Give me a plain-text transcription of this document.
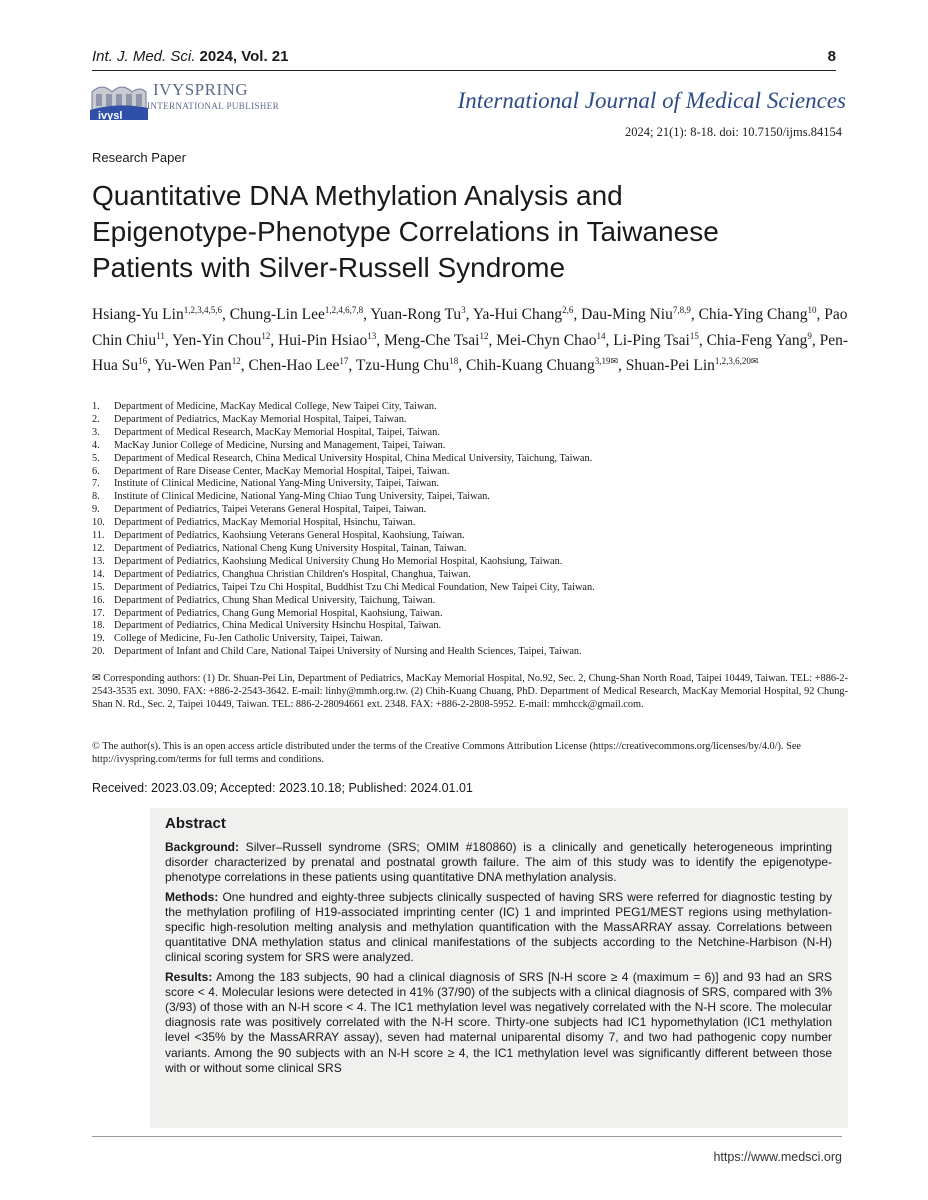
Int. J. Med. Sci. 2024, Vol. 21	8
ivysl
IVYSPRING
INTERNATIONAL PUBLISHER	International Journal of Medical Sciences
2024; 21(1): 8-18. doi: 10.7150/ijms.84154
Research Paper
Quantitative DNA Methylation Analysis and
Epigenotype-Phenotype Correlations in Taiwanese
Patients with Silver-Russell Syndrome
Hsiang-Yu Lin$^{1,2,3,4,5,6}$, Chung-Lin Lee$^{1,2,4,6,7,8}$, Yuan-Rong Tu$^3$, Ya-Hui Chang$^{2,6}$, Dau-Ming Niu$^{7,8,9}$, Chia-Ying Chang$^{10}$, Pao Chin Chiu$^{11}$, Yen-Yin Chou$^{12}$, Hui-Pin Hsiao$^{13}$, Meng-Che Tsai$^{12}$, Mei-Chyn Chao$^{14}$, Li-Ping Tsai$^{15}$, Chia-Feng Yang$^9$, Pen-Hua Su$^{16}$, Yu-Wen Pan$^{12}$, Chen-Hao Lee$^{17}$, Tzu-Hung Chu$^{18}$, Chih-Kuang Chuang$^{3,19✉}$, Shuan-Pei Lin$^{1,2,3,6,20✉}$
1.	Department of Medicine, MacKay Medical College, New Taipei City, Taiwan.
2.	Department of Pediatrics, MacKay Memorial Hospital, Taipei, Taiwan.
3.	Department of Medical Research, MacKay Memorial Hospital, Taipei, Taiwan.
4.	MacKay Junior College of Medicine, Nursing and Management, Taipei, Taiwan.
5.	Department of Medical Research, China Medical University Hospital, China Medical University, Taichung, Taiwan.
6.	Department of Rare Disease Center, MacKay Memorial Hospital, Taipei, Taiwan.
7.	Institute of Clinical Medicine, National Yang-Ming University, Taipei, Taiwan.
8.	Institute of Clinical Medicine, National Yang-Ming Chiao Tung University, Taipei, Taiwan.
9.	Department of Pediatrics, Taipei Veterans General Hospital, Taipei, Taiwan.
10. Department of Pediatrics, MacKay Memorial Hospital, Hsinchu, Taiwan.
11. Department of Pediatrics, Kaohsiung Veterans General Hospital, Kaohsiung, Taiwan.
12. Department of Pediatrics, National Cheng Kung University Hospital, Tainan, Taiwan.
13. Department of Pediatrics, Kaohsiung Medical University Chung Ho Memorial Hospital, Kaohsiung, Taiwan.
14. Department of Pediatrics, Changhua Christian Children's Hospital, Changhua, Taiwan.
15. Department of Pediatrics, Taipei Tzu Chi Hospital, Buddhist Tzu Chi Medical Foundation, New Taipei City, Taiwan.
16. Department of Pediatrics, Chung Shan Medical University, Taichung, Taiwan.
17. Department of Pediatrics, Chang Gung Memorial Hospital, Kaohsiung, Taiwan.
18. Department of Pediatrics, China Medical University Hsinchu Hospital, Taiwan.
19. College of Medicine, Fu-Jen Catholic University, Taipei, Taiwan.
20. Department of Infant and Child Care, National Taipei University of Nursing and Health Sciences, Taipei, Taiwan.
✉ Corresponding authors: (1) Dr. Shuan-Pei Lin, Department of Pediatrics, MacKay Memorial Hospital, No.92, Sec. 2, Chung-Shan North Road, Taipei 10449, Taiwan. TEL: +886-2-2543-3535 ext. 3090. FAX: +886-2-2543-3642. E-mail: linhy@mmh.org.tw. (2) Chih-Kuang Chuang, PhD. Department of Medical Research, MacKay Memorial Hospital, 92 Chung-Shan N. Rd., Sec. 2, Taipei 10449, Taiwan. TEL: 886-2-28094661 ext. 2348. FAX: +886-2-2808-5952. E-mail: mmhcck@gmail.com.
© The author(s). This is an open access article distributed under the terms of the Creative Commons Attribution License (https://creativecommons.org/licenses/by/4.0/). See http://ivyspring.com/terms for full terms and conditions.
Received: 2023.03.09; Accepted: 2023.10.18; Published: 2024.01.01
Abstract

Background: Silver–Russell syndrome (SRS; OMIM #180860) is a clinically and genetically heterogeneous imprinting disorder characterized by prenatal and postnatal growth failure. The aim of this study was to identify the epigenotype-phenotype correlations in these patients using quantitative DNA methylation analysis.

Methods: One hundred and eighty-three subjects clinically suspected of having SRS were referred for diagnostic testing by the methylation profiling of H19-associated imprinting center (IC) 1 and imprinted PEG1/MEST regions using methylation-specific high-resolution melting analysis and methylation quantification with the MassARRAY assay. Correlations between quantitative DNA methylation status and clinical manifestations of the subjects according to the Netchine-Harbison (N-H) clinical scoring system for SRS were analyzed.

Results: Among the 183 subjects, 90 had a clinical diagnosis of SRS [N-H score ≥ 4 (maximum = 6)] and 93 had an SRS score < 4. Molecular lesions were detected in 41% (37/90) of the subjects with a clinical diagnosis of SRS, compared with 3% (3/93) of those with an N-H score < 4. The IC1 methylation level was negatively correlated with the N-H score. The molecular diagnosis rate was positively correlated with the N-H score. Thirty-one subjects had IC1 hypomethylation (IC1 methylation level <35% by the MassARRAY assay), seven had maternal uniparental disomy 7, and two had pathogenic copy number variants. Among the 90 subjects with an N-H score ≥ 4, the IC1 methylation level was significantly different between those with or without some clinical SRS

https://www.medsci.org
